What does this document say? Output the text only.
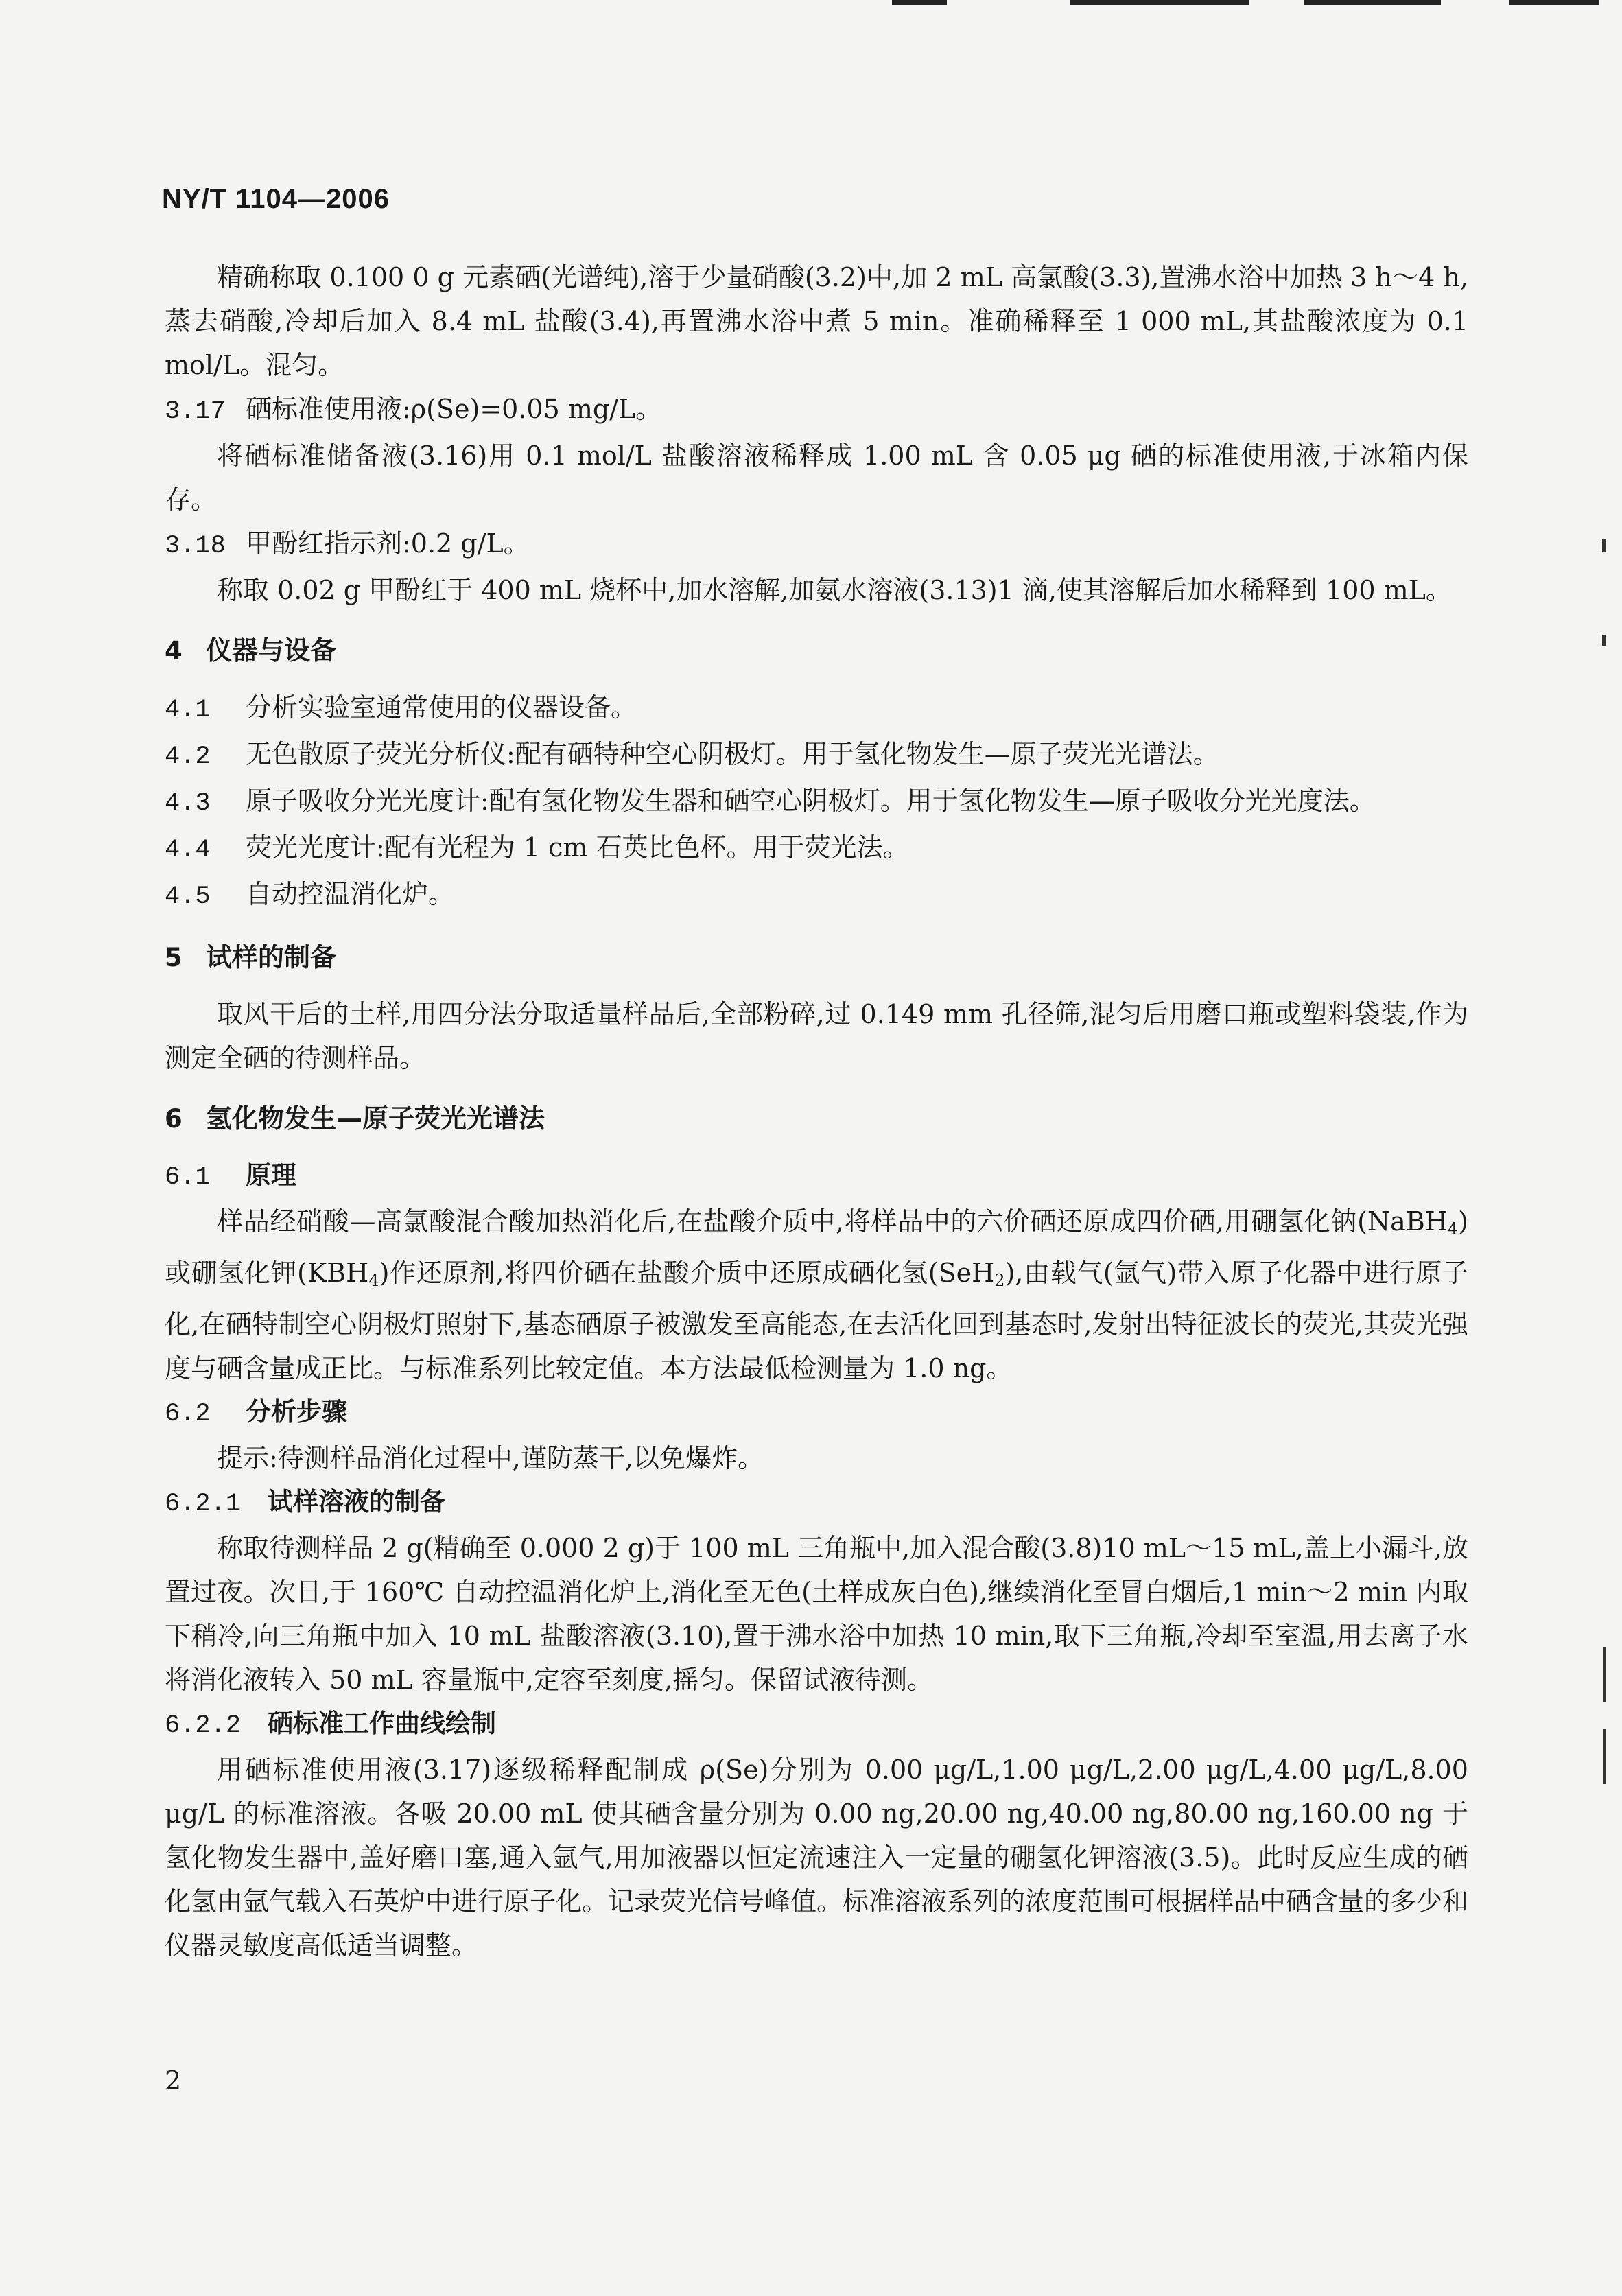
NY/T 1104—2006

精确称取 0.100 0 g 元素硒(光谱纯),溶于少量硝酸(3.2)中,加 2 mL 高氯酸(3.3),置沸水浴中加热 3 h～4 h,蒸去硝酸,冷却后加入 8.4 mL 盐酸(3.4),再置沸水浴中煮 5 min。准确稀释至 1 000 mL,其盐酸浓度为 0.1 mol/L。混匀。

3.17 硒标准使用液:ρ(Se)=0.05 mg/L。

将硒标准储备液(3.16)用 0.1 mol/L 盐酸溶液稀释成 1.00 mL 含 0.05 μg 硒的标准使用液,于冰箱内保存。

3.18 甲酚红指示剂:0.2 g/L。

称取 0.02 g 甲酚红于 400 mL 烧杯中,加水溶解,加氨水溶液(3.13)1 滴,使其溶解后加水稀释到 100 mL。

4 仪器与设备

4.1 分析实验室通常使用的仪器设备。

4.2 无色散原子荧光分析仪:配有硒特种空心阴极灯。用于氢化物发生—原子荧光光谱法。

4.3 原子吸收分光光度计:配有氢化物发生器和硒空心阴极灯。用于氢化物发生—原子吸收分光光度法。

4.4 荧光光度计:配有光程为 1 cm 石英比色杯。用于荧光法。

4.5 自动控温消化炉。

5 试样的制备

取风干后的土样,用四分法分取适量样品后,全部粉碎,过 0.149 mm 孔径筛,混匀后用磨口瓶或塑料袋装,作为测定全硒的待测样品。

6 氢化物发生—原子荧光光谱法

6.1 原理

样品经硝酸—高氯酸混合酸加热消化后,在盐酸介质中,将样品中的六价硒还原成四价硒,用硼氢化钠(NaBH$_4$)或硼氢化钾$(KBH_4)$作还原剂,将四价硒在盐酸介质中还原成硒化氢(SeH$_2$),由载气(氩气)带入原子化器中进行原子化,在硒特制空心阴极灯照射下,基态硒原子被激发至高能态,在去活化回到基态时,发射出特征波长的荧光,其荧光强度与硒含量成正比。与标准系列比较定值。本方法最低检测量为 1.0 ng。

6.2 分析步骤

提示:待测样品消化过程中,谨防蒸干,以免爆炸。

6.2.1 试样溶液的制备

称取待测样品 2 g(精确至 0.000 2 g)于 100 mL 三角瓶中,加入混合酸(3.8)10 mL～15 mL,盖上小漏斗,放置过夜。次日,于 160℃ 自动控温消化炉上,消化至无色(土样成灰白色),继续消化至冒白烟后,1 min～2 min 内取下稍冷,向三角瓶中加入 10 mL 盐酸溶液(3.10),置于沸水浴中加热 10 min,取下三角瓶,冷却至室温,用去离子水将消化液转入 50 mL 容量瓶中,定容至刻度,摇匀。保留试液待测。

6.2.2 硒标准工作曲线绘制

用硒标准使用液(3.17)逐级稀释配制成 ρ(Se)分别为 0.00 μg/L,1.00 μg/L,2.00 μg/L,4.00 μg/L,8.00 μg/L 的标准溶液。各吸 20.00 mL 使其硒含量分别为 0.00 ng,20.00 ng,40.00 ng,80.00 ng,160.00 ng 于氢化物发生器中,盖好磨口塞,通入氩气,用加液器以恒定流速注入一定量的硼氢化钾溶液(3.5)。此时反应生成的硒化氢由氩气载入石英炉中进行原子化。记录荧光信号峰值。标准溶液系列的浓度范围可根据样品中硒含量的多少和仪器灵敏度高低适当调整。

2
